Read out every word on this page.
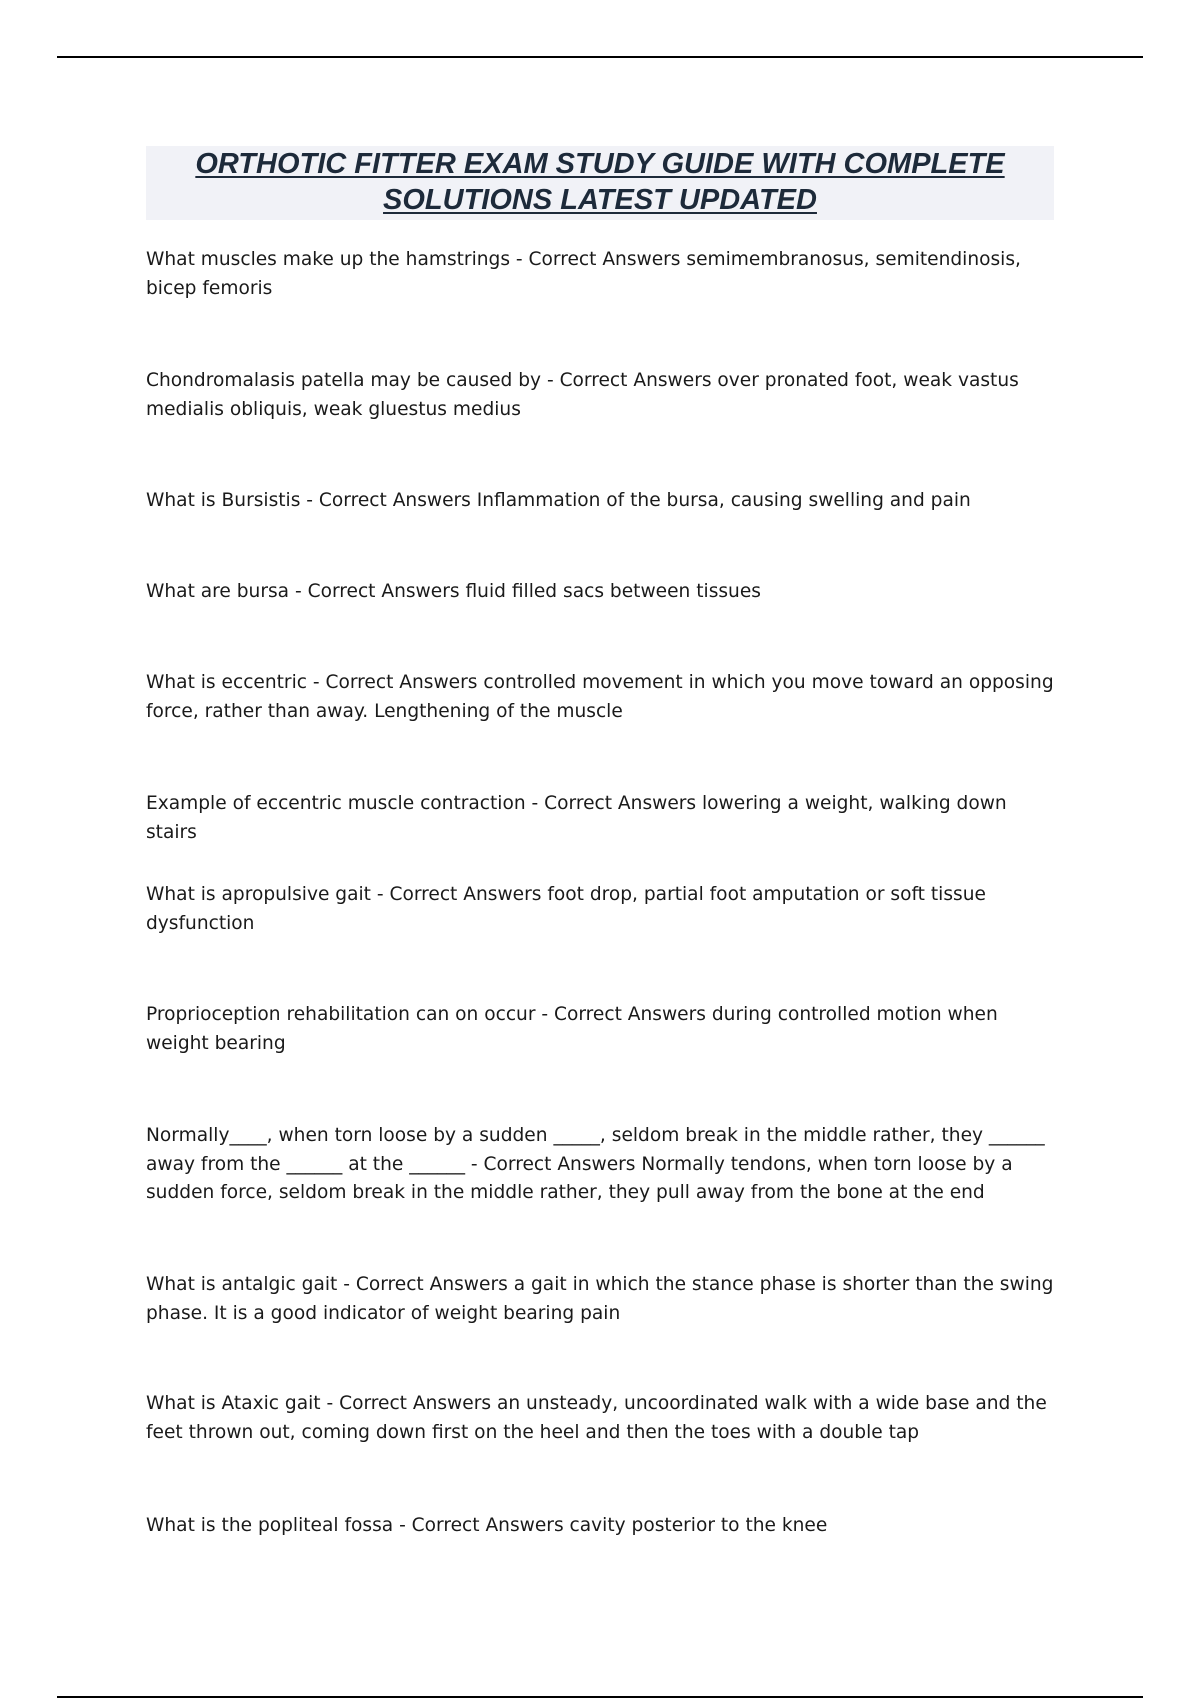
ORTHOTIC FITTER EXAM STUDY GUIDE WITH COMPLETE
SOLUTIONS LATEST UPDATED

What muscles make up the hamstrings - Correct Answers semimembranosus, semitendinosis, bicep femoris

Chondromalasis patella may be caused by - Correct Answers over pronated foot, weak vastus medialis obliquis, weak gluestus medius

What is Bursistis - Correct Answers Inflammation of the bursa, causing swelling and pain

What are bursa - Correct Answers fluid filled sacs between tissues

What is eccentric - Correct Answers controlled movement in which you move toward an opposing force, rather than away. Lengthening of the muscle

Example of eccentric muscle contraction - Correct Answers lowering a weight, walking down stairs

What is apropulsive gait - Correct Answers foot drop, partial foot amputation or soft tissue dysfunction

Proprioception rehabilitation can on occur - Correct Answers during controlled motion when weight bearing

Normally____, when torn loose by a sudden _____, seldom break in the middle rather, they ______ away from the ______ at the ______ - Correct Answers Normally tendons, when torn loose by a sudden force, seldom break in the middle rather, they pull away from the bone at the end

What is antalgic gait - Correct Answers a gait in which the stance phase is shorter than the swing phase. It is a good indicator of weight bearing pain

What is Ataxic gait - Correct Answers an unsteady, uncoordinated walk with a wide base and the feet thrown out, coming down first on the heel and then the toes with a double tap

What is the popliteal fossa - Correct Answers cavity posterior to the knee
